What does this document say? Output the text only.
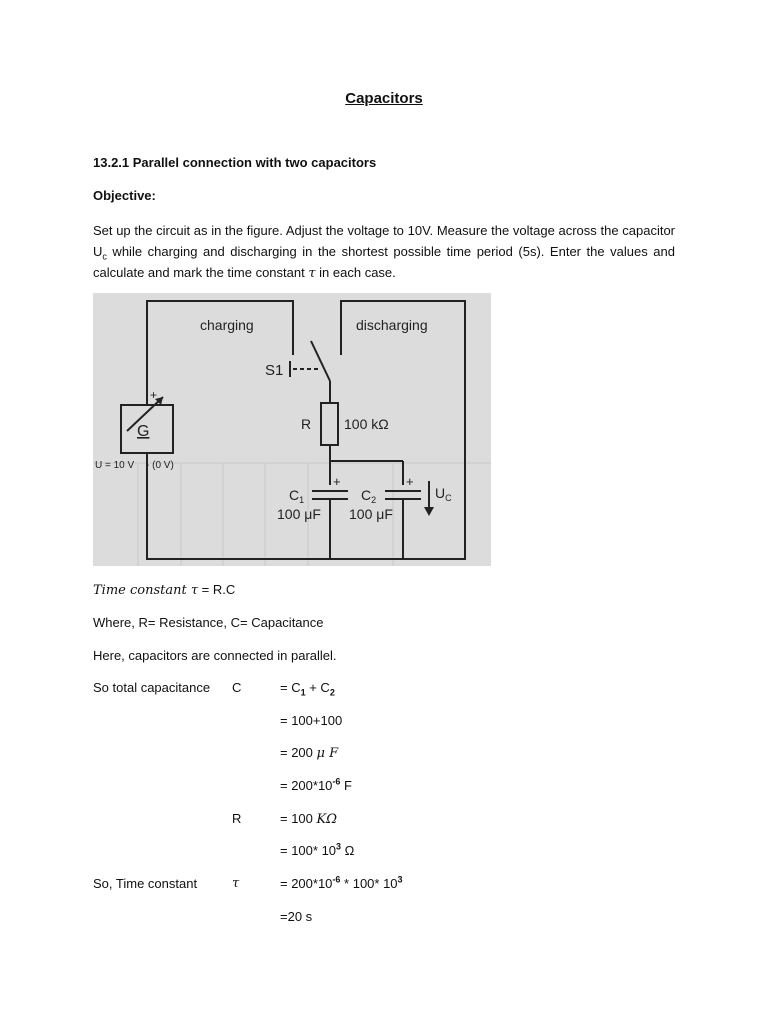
Capacitors
13.2.1 Parallel connection with two capacitors
Objective:
Set up the circuit as in the figure. Adjust the voltage to 10V. Measure the voltage across the capacitor $U_c$ while charging and discharging in the shortest possible time period (5s). Enter the values and calculate and mark the time constant τ in each case.
charging	discharging
S1
R 100 kΩ
G
+
U = 10 V - (0 V)
+	+
$C_1$
100 μF
$C_2$
100 μF
$U_C$
Time constant τ = R.C
Where, R= Resistance, C= Capacitance
Here, capacitors are connected in parallel.
So total capacitance C	= $C_1 + C_2$
= 100+100
= 200 μ F
= $200*10^{-6}$ F
R	= 100 KΩ
= 100* $10^3$ Ω
So, Time constant	τ	= $200*10^{-6} * 100*$ $10^3$
=20 s
